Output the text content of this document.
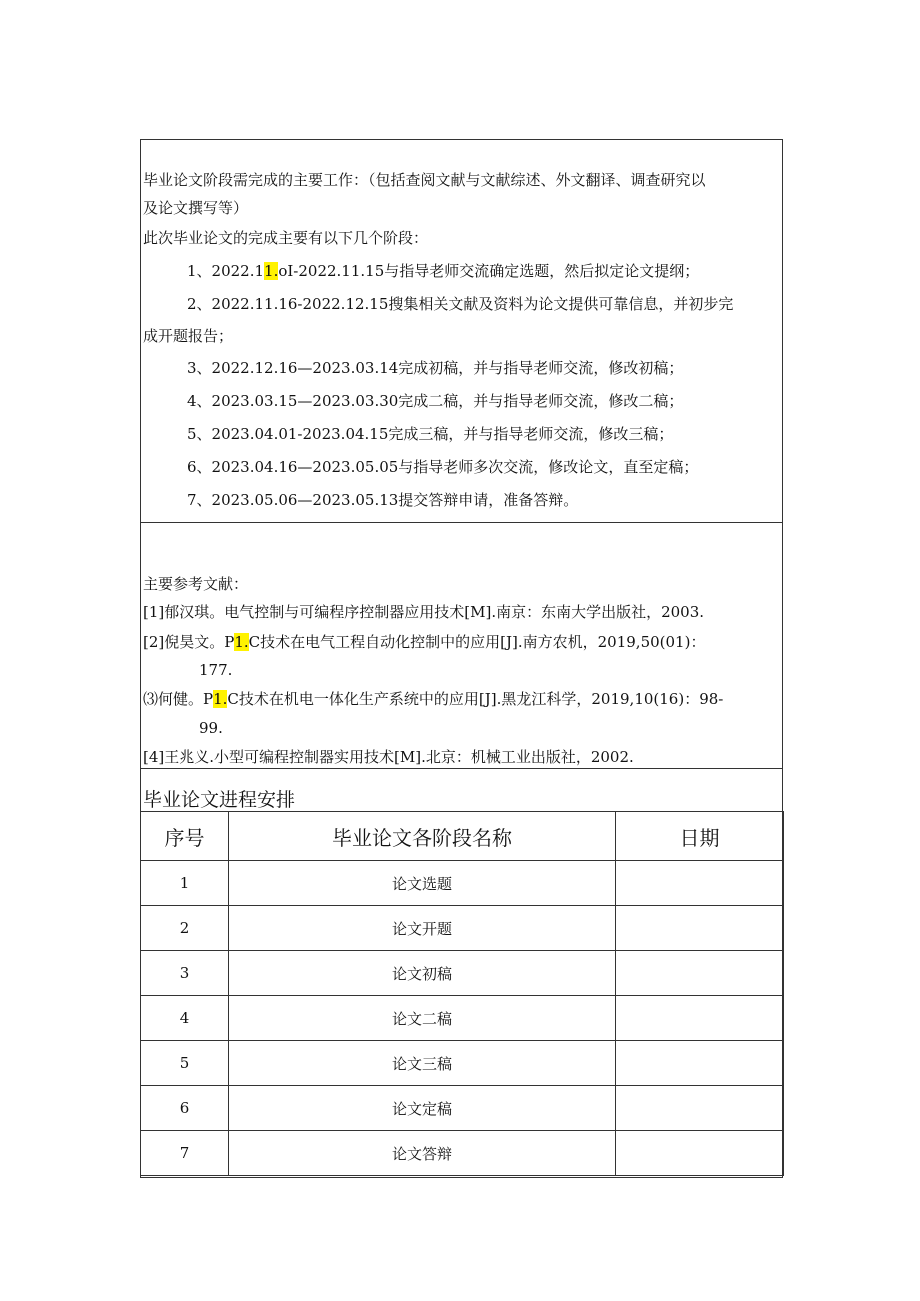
毕业论文阶段需完成的主要工作：（包括查阅文献与文献综述、外文翻译、调查研究以
及论文撰写等）
此次毕业论文的完成主要有以下几个阶段：
1、2022.11.oI-2022.11.15与指导老师交流确定选题，然后拟定论文提纲；
2、2022.11.16-2022.12.15搜集相关文献及资料为论文提供可靠信息，并初步完
成开题报告；
3、2022.12.16—2023.03.14完成初稿，并与指导老师交流，修改初稿；
4、2023.03.15—2023.03.30完成二稿，并与指导老师交流，修改二稿；
5、2023.04.01-2023.04.15完成三稿，并与指导老师交流，修改三稿；
6、2023.04.16—2023.05.05与指导老师多次交流，修改论文，直至定稿；
7、2023.05.06—2023.05.13提交答辩申请，准备答辩。
主要参考文献：
[1]郁汉琪。电气控制与可编程序控制器应用技术[M].南京：东南大学出版社，2003.
[2]倪昊文。P1.C技术在电气工程自动化控制中的应用[J].南方农机，2019,50(01)：
177.
⑶何健。P1.C技术在机电一体化生产系统中的应用[J].黑龙江科学，2019,10(16)：98-
99.
[4]王兆义.小型可编程控制器实用技术[M].北京：机械工业出版社，2002.
毕业论文进程安排
序号	毕业论文各阶段名称	日期
1	论文选题	
2	论文开题	
3	论文初稿	
4	论文二稿	
5	论文三稿	
6	论文定稿	
7	论文答辩	
